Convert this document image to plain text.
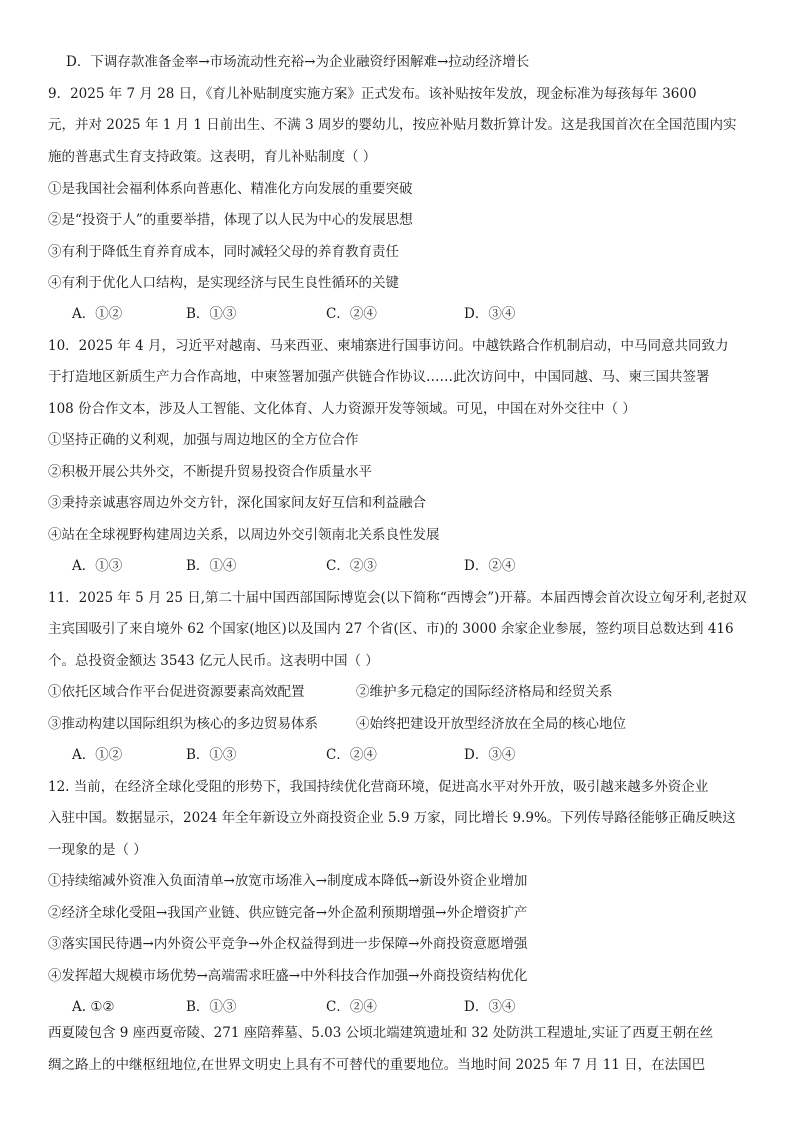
D．下调存款准备金率→市场流动性充裕→为企业融资纾困解难→拉动经济增长
9．2025 年 7 月 28 日，《育儿补贴制度实施方案》正式发布。该补贴按年发放，现金标准为每孩每年 3600
元，并对 2025 年 1 月 1 日前出生、不满 3 周岁的婴幼儿，按应补贴月数折算计发。这是我国首次在全国范围内实
施的普惠式生育支持政策。这表明，育儿补贴制度（ ）
①是我国社会福利体系向普惠化、精准化方向发展的重要突破
②是“投资于人”的重要举措，体现了以人民为中心的发展思想
③有利于降低生育养育成本，同时减轻父母的养育教育责任
④有利于优化人口结构，是实现经济与民生良性循环的关键
A．①②	B．①③	C．②④	D．③④
10．2025 年 4 月，习近平对越南、马来西亚、柬埔寨进行国事访问。中越铁路合作机制启动，中马同意共同致力
于打造地区新质生产力合作高地，中柬签署加强产供链合作协议……此次访问中，中国同越、马、柬三国共签署
108 份合作文本，涉及人工智能、文化体育、人力资源开发等领域。可见，中国在对外交往中（ ）
①坚持正确的义利观，加强与周边地区的全方位合作
②积极开展公共外交，不断提升贸易投资合作质量水平
③秉持亲诚惠容周边外交方针，深化国家间友好互信和利益融合
④站在全球视野构建周边关系，以周边外交引领南北关系良性发展
A．①③	B．①④	C．②③	D．②④
11．2025 年 5 月 25 日,第二十届中国西部国际博览会(以下简称“西博会”)开幕。本届西博会首次设立匈牙利,老挝双
主宾国吸引了来自境外 62 个国家(地区)以及国内 27 个省(区、市)的 3000 余家企业参展，签约项目总数达到 416
个。总投资金额达 3543 亿元人民币。这表明中国（ ）
①依托区域合作平台促进资源要素高效配置	②维护多元稳定的国际经济格局和经贸关系
③推动构建以国际组织为核心的多边贸易体系	④始终把建设开放型经济放在全局的核心地位
A．①②	B．①③	C．②④	D．③④
12. 当前，在经济全球化受阻的形势下，我国持续优化营商环境，促进高水平对外开放，吸引越来越多外资企业
入驻中国。数据显示，2024 年全年新设立外商投资企业 5.9 万家，同比增长 9.9%。下列传导路径能够正确反映这
一现象的是（ ）
①持续缩减外资准入负面清单→放宽市场准入→制度成本降低→新设外资企业增加
②经济全球化受阻→我国产业链、供应链完备→外企盈利预期增强→外企增资扩产
③落实国民待遇→内外资公平竞争→外企权益得到进一步保障→外商投资意愿增强
④发挥超大规模市场优势→高端需求旺盛→中外科技合作加强→外商投资结构优化
A. ①②	B．①③	C．②④	D．③④
西夏陵包含 9 座西夏帝陵、271 座陪葬墓、5.03 公顷北端建筑遗址和 32 处防洪工程遗址,实证了西夏王朝在丝
绸之路上的中继枢纽地位,在世界文明史上具有不可替代的重要地位。当地时间 2025 年 7 月 11 日，在法国巴
